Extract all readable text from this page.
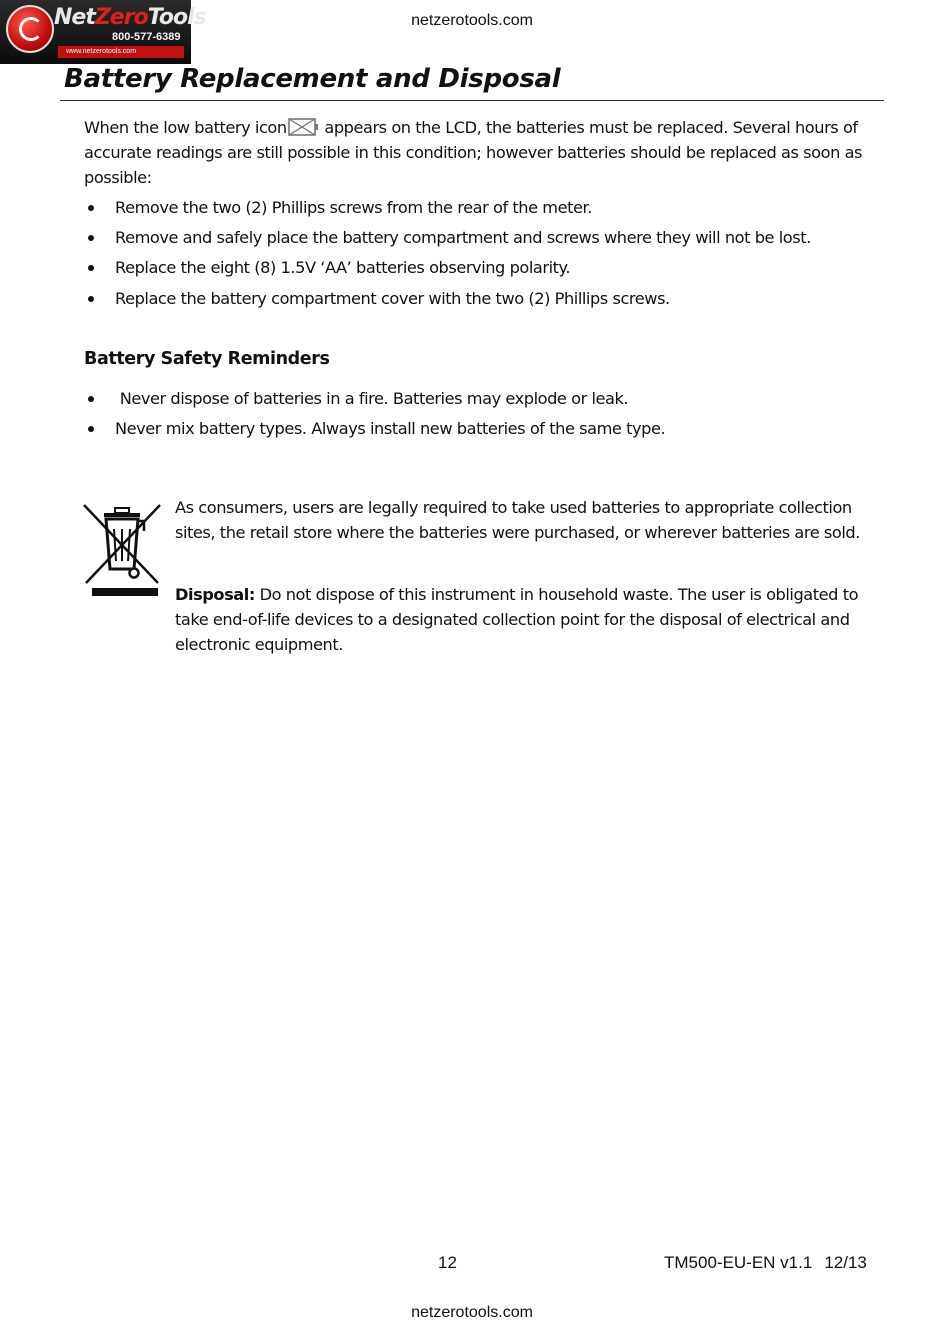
NetZeroTools
800-577-6389
www.netzerotools.com
netzerotools.com
Battery Replacement and Disposal
When the low battery icon appears on the LCD, the batteries must be replaced. Several hours of accurate readings are still possible in this condition; however batteries should be replaced as soon as possible:
Remove the two (2) Phillips screws from the rear of the meter.
Remove and safely place the battery compartment and screws where they will not be lost.
Replace the eight (8) 1.5V ‘AA’ batteries observing polarity.
Replace the battery compartment cover with the two (2) Phillips screws.
Battery Safety Reminders
Never dispose of batteries in a fire. Batteries may explode or leak.
Never mix battery types. Always install new batteries of the same type.
As consumers, users are legally required to take used batteries to appropriate collection sites, the retail store where the batteries were purchased, or wherever batteries are sold.
Disposal: Do not dispose of this instrument in household waste. The user is obligated to take end-of-life devices to a designated collection point for the disposal of electrical and electronic equipment.
12	TM500-EU-EN v1.1 12/13
netzerotools.com
